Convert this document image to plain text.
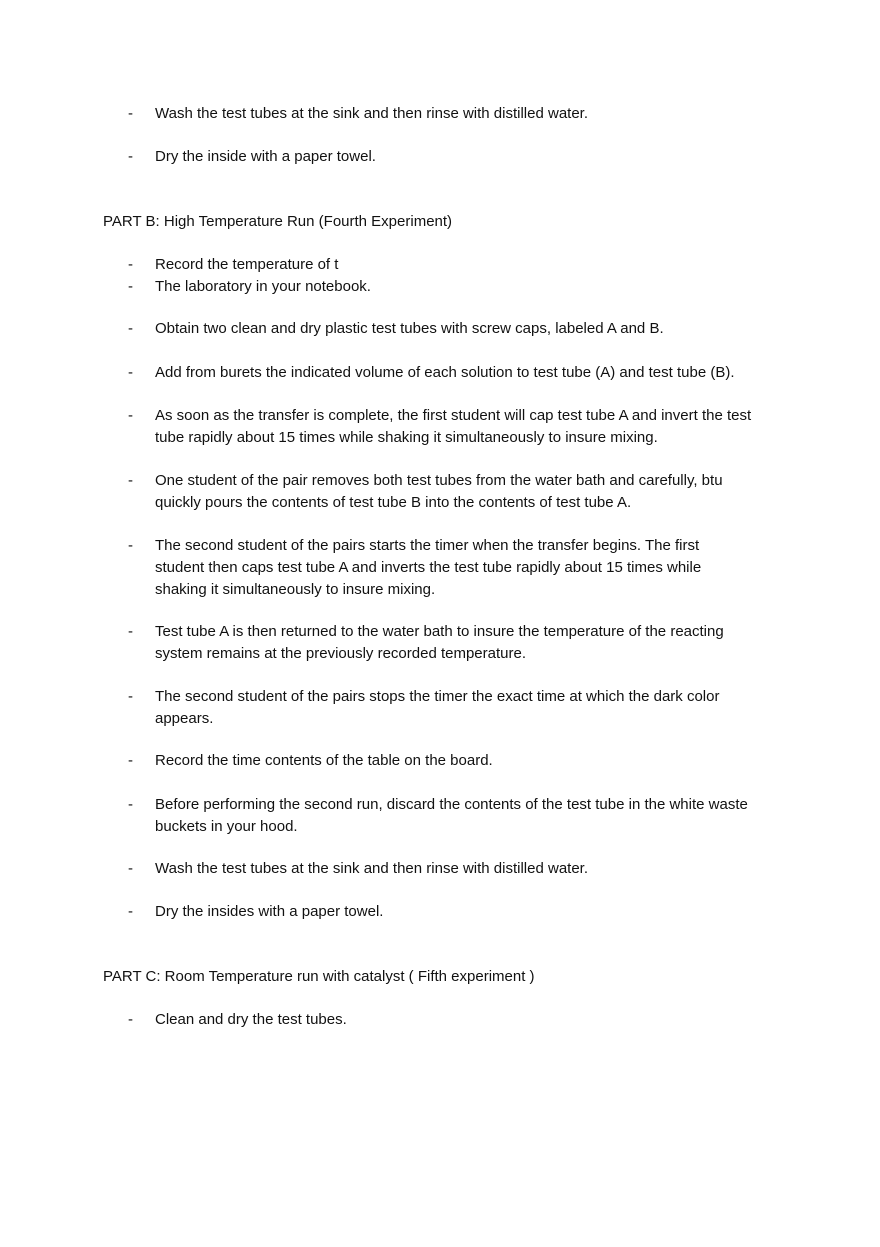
- Wash the test tubes at the sink and then rinse with distilled water.
- Dry the inside with a paper towel.
PART B: High Temperature Run (Fourth Experiment)
- Record the temperature of t
- The laboratory in your notebook.
- Obtain two clean and dry plastic test tubes with screw caps, labeled A and B.
- Add from burets the indicated volume of each solution to test tube (A) and test tube (B).
- As soon as the transfer is complete, the first student will cap test tube A and invert the test tube rapidly about 15 times while shaking it simultaneously to insure mixing.
- One student of the pair removes both test tubes from the water bath and carefully, btu quickly pours the contents of test tube B into the contents of test tube A.
- The second student of the pairs starts the timer when the transfer begins. The first student then caps test tube A and inverts the test tube rapidly about 15 times while shaking it simultaneously to insure mixing.
- Test tube A is then returned to the water bath to insure the temperature of the reacting system remains at the previously recorded temperature.
- The second student of the pairs stops the timer the exact time at which the dark color appears.
- Record the time contents of the table on the board.
- Before performing the second run, discard the contents of the test tube in the white waste buckets in your hood.
- Wash the test tubes at the sink and then rinse with distilled water.
- Dry the insides with a paper towel.
PART C: Room Temperature run with catalyst ( Fifth experiment )
- Clean and dry the test tubes.
